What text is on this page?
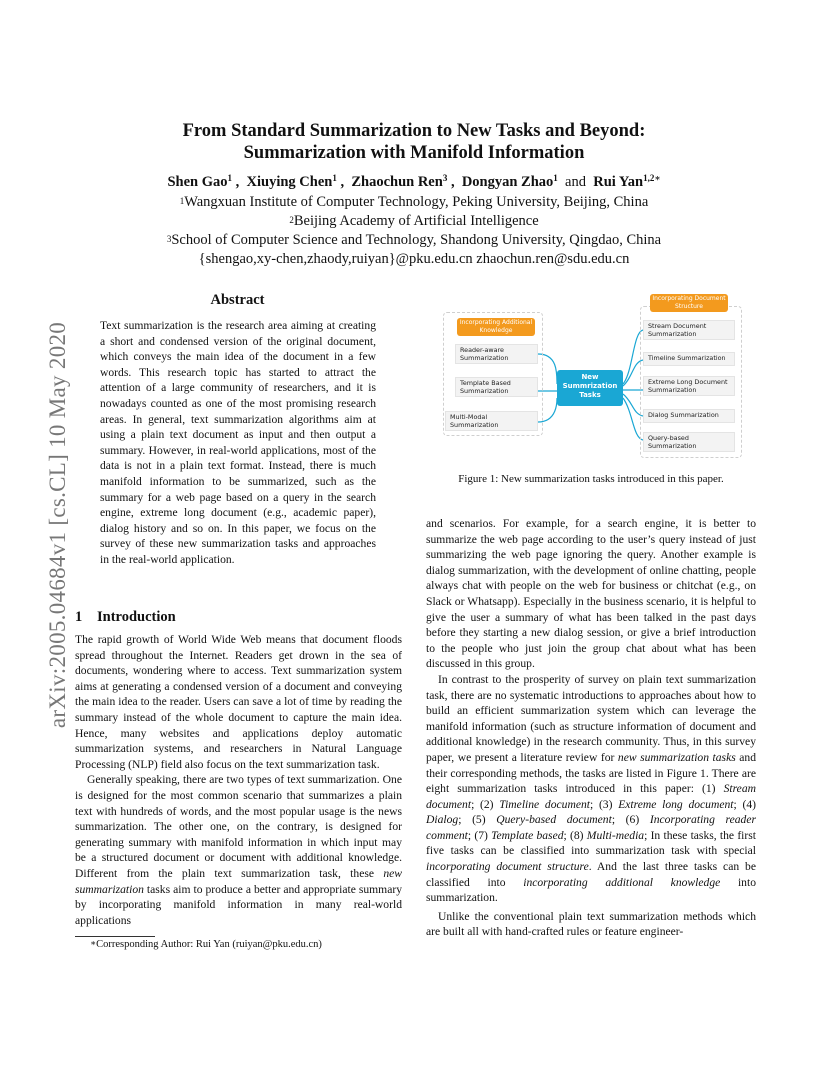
arXiv:2005.04684v1 [cs.CL] 10 May 2020
From Standard Summarization to New Tasks and Beyond:
Summarization with Manifold Information
Shen Gao$^1$ ,  Xiuying Chen$^1$ ,  Zhaochun Ren$^3$ ,  Dongyan Zhao$^1$ and Rui Yan$^{1,2∗}$
$^1$Wangxuan Institute of Computer Technology, Peking University, Beijing, China
$^2$Beijing Academy of Artificial Intelligence
$^3$School of Computer Science and Technology, Shandong University, Qingdao, China
{shengao,xy-chen,zhaody,ruiyan}@pku.edu.cn zhaochun.ren@sdu.edu.cn
Abstract
Text summarization is the research area aiming at creating a short and condensed version of the original document, which conveys the main idea of the document in a few words. This research topic has started to attract the attention of a large community of researchers, and it is nowadays counted as one of the most promising research areas. In general, text summarization algorithms aim at using a plain text document as input and then output a summary. However, in real-world applications, most of the data is not in a plain text format. Instead, there is much manifold information to be summarized, such as the summary for a web page based on a query in the search engine, extreme long document (e.g., academic paper), dialog history and so on. In this paper, we focus on the survey of these new summarization tasks and approaches in the real-world application.
1 Introduction

The rapid growth of World Wide Web means that document floods spread throughout the Internet. Readers get drown in the sea of documents, wondering where to access. Text summarization system aims at generating a condensed version of a document and conveying the main idea to the reader. Users can save a lot of time by reading the summary instead of the whole document to capture the main idea. Hence, many websites and applications deploy automatic summarization systems, and researchers in Natural Language Processing (NLP) field also focus on the text summarization task.

Generally speaking, there are two types of text summarization. One is designed for the most common scenario that summarizes a plain text with hundreds of words, and the most popular usage is the news summarization. The other one, on the contrary, is designed for generating summary with manifold information in which input may be a structured document or document with additional knowledge. Different from the plain text summarization task, these new summarization tasks aim to produce a better and appropriate summary by incorporating manifold information in many real-world applications

∗Corresponding Author: Rui Yan (ruiyan@pku.edu.cn)
Incorporating Additional Knowledge
Reader-aware Summarization
Template Based Summarization
Multi-Modal Summarization
New Summrization Tasks
Incorporating Document Structure
Stream Document Summarization
Timeline Summarization
Extreme Long Document Summarization
Dialog Summarization
Query-based Summarization
Figure 1: New summarization tasks introduced in this paper.

and scenarios. For example, for a search engine, it is better to summarize the web page according to the user’s query instead of just summarizing the web page ignoring the query. Another example is dialog summarization, with the development of online chatting, people always chat with people on the web for business or chitchat (e.g., on Slack or Whatsapp). Especially in the business scenario, it is helpful to give the user a summary of what has been talked in the past days before they starting a new dialog session, or give a brief introduction to the people who just join the group chat about what has been discussed in this group.

In contrast to the prosperity of survey on plain text summarization task, there are no systematic introductions to approaches about how to build an efficient summarization system which can leverage the manifold information (such as structure information of document and additional knowledge) in the research community. Thus, in this survey paper, we present a literature review for new summarization tasks and their corresponding methods, the tasks are listed in Figure 1. There are eight summarization tasks introduced in this paper: (1) Stream document; (2) Timeline document; (3) Extreme long document; (4) Dialog; (5) Query-based document; (6) Incorporating reader comment; (7) Template based; (8) Multi-media; In these tasks, the first five tasks can be classified into summarization task with special incorporating document structure. And the last three tasks can be classified into incorporating additional knowledge into summarization.

Unlike the conventional plain text summarization methods which are built all with hand-crafted rules or feature engineer-
